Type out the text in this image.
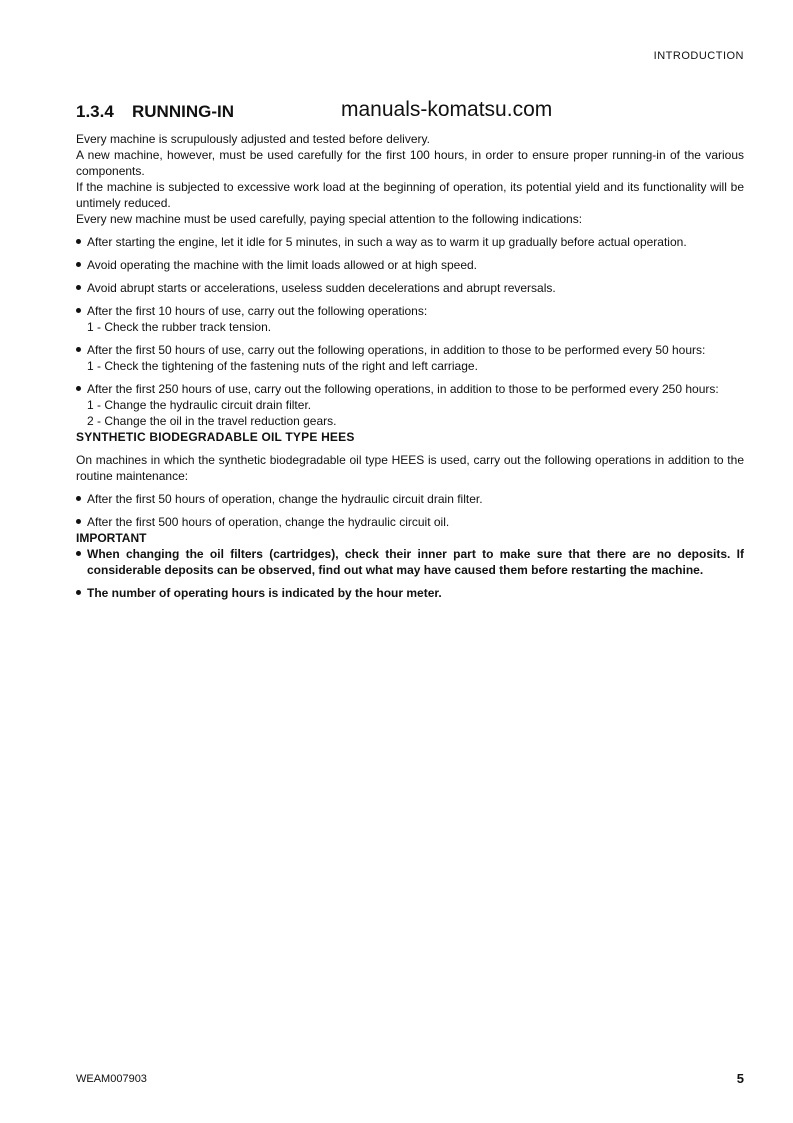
INTRODUCTION
1.3.4 RUNNING-IN	manuals-komatsu.com

Every machine is scrupulously adjusted and tested before delivery.

A new machine, however, must be used carefully for the first 100 hours, in order to ensure proper running-in of the various components.

If the machine is subjected to excessive work load at the beginning of operation, its potential yield and its functionality will be untimely reduced.

Every new machine must be used carefully, paying special attention to the following indications:

After starting the engine, let it idle for 5 minutes, in such a way as to warm it up gradually before actual operation.
Avoid operating the machine with the limit loads allowed or at high speed.
Avoid abrupt starts or accelerations, useless sudden decelerations and abrupt reversals.
After the first 10 hours of use, carry out the following operations:
1 - Check the rubber track tension.
After the first 50 hours of use, carry out the following operations, in addition to those to be performed every 50 hours:
1 - Check the tightening of the fastening nuts of the right and left carriage.
After the first 250 hours of use, carry out the following operations, in addition to those to be performed every 250 hours:
1 - Change the hydraulic circuit drain filter.
2 - Change the oil in the travel reduction gears.

SYNTHETIC BIODEGRADABLE OIL TYPE HEES

On machines in which the synthetic biodegradable oil type HEES is used, carry out the following operations in addition to the routine maintenance:

After the first 50 hours of operation, change the hydraulic circuit drain filter.
After the first 500 hours of operation, change the hydraulic circuit oil.

IMPORTANT

When changing the oil filters (cartridges), check their inner part to make sure that there are no deposits. If considerable deposits can be observed, find out what may have caused them before restarting the machine.
The number of operating hours is indicated by the hour meter.
WEAM007903	5
